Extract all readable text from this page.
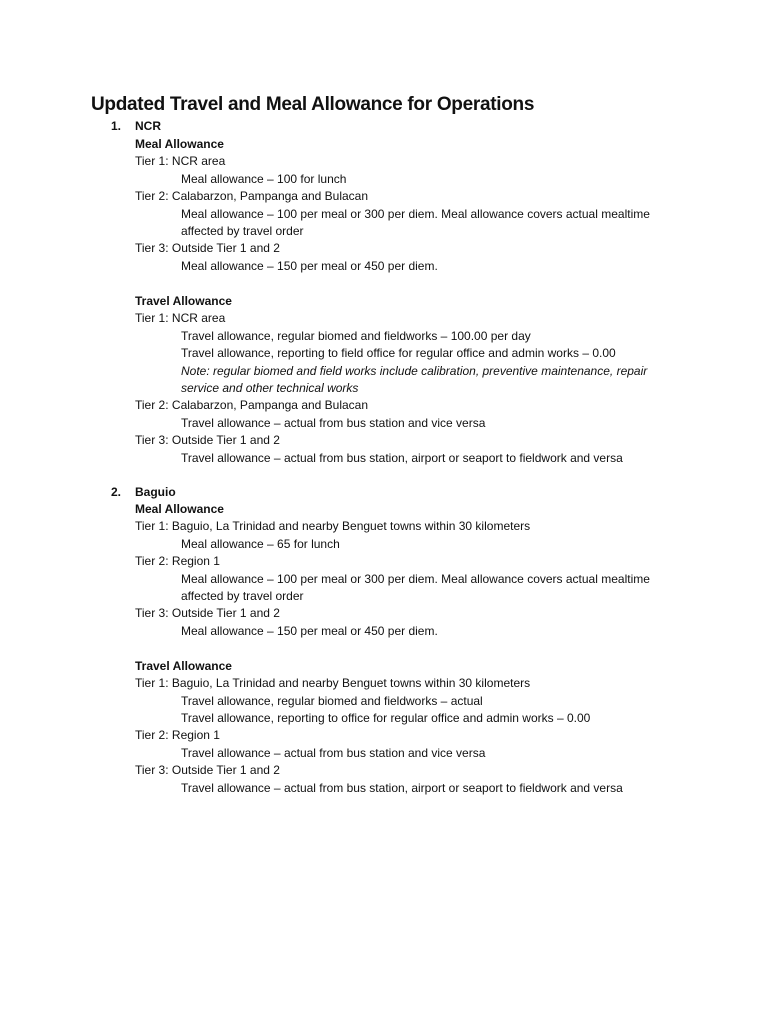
Updated Travel and Meal Allowance for Operations
1. NCR
Meal Allowance
Tier 1: NCR area
Meal allowance – 100 for lunch
Tier 2: Calabarzon, Pampanga and Bulacan
Meal allowance – 100 per meal or 300 per diem. Meal allowance covers actual mealtime
affected by travel order
Tier 3: Outside Tier 1 and 2
Meal allowance – 150 per meal or 450 per diem.
Travel Allowance
Tier 1: NCR area
Travel allowance, regular biomed and fieldworks – 100.00 per day
Travel allowance, reporting to field office for regular office and admin works – 0.00
Note: regular biomed and field works include calibration, preventive maintenance, repair
service and other technical works
Tier 2: Calabarzon, Pampanga and Bulacan
Travel allowance – actual from bus station and vice versa
Tier 3: Outside Tier 1 and 2
Travel allowance – actual from bus station, airport or seaport to fieldwork and versa
2. Baguio
Meal Allowance
Tier 1: Baguio, La Trinidad and nearby Benguet towns within 30 kilometers
Meal allowance – 65 for lunch
Tier 2: Region 1
Meal allowance – 100 per meal or 300 per diem. Meal allowance covers actual mealtime
affected by travel order
Tier 3: Outside Tier 1 and 2
Meal allowance – 150 per meal or 450 per diem.
Travel Allowance
Tier 1: Baguio, La Trinidad and nearby Benguet towns within 30 kilometers
Travel allowance, regular biomed and fieldworks – actual
Travel allowance, reporting to office for regular office and admin works – 0.00
Tier 2: Region 1
Travel allowance – actual from bus station and vice versa
Tier 3: Outside Tier 1 and 2
Travel allowance – actual from bus station, airport or seaport to fieldwork and versa
